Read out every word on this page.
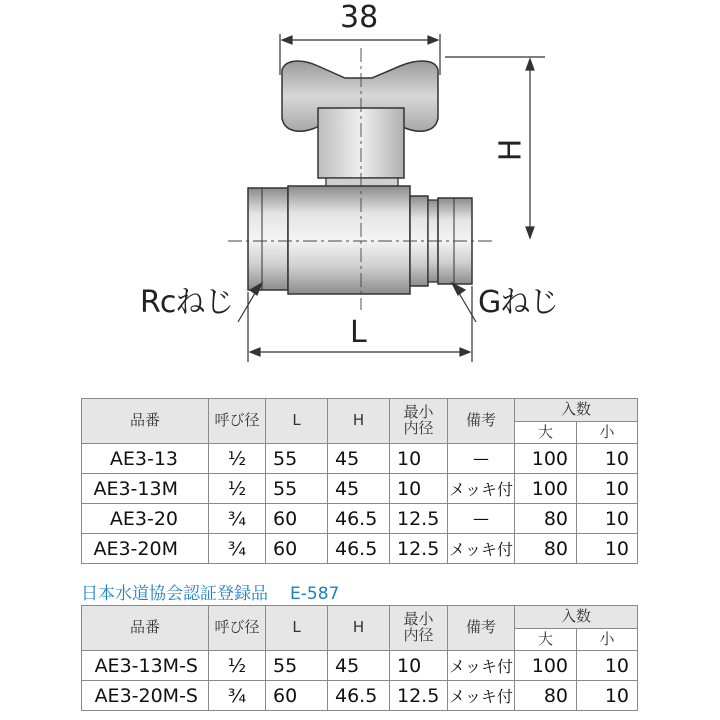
38
H
L
Rcねじ	Gねじ
品番	呼び径	L	H	最小内径	備考	入数	
						大	小
AE3-13	½	55	45	10	—	100	10
AE3-13M	½	55	45	10	メッキ付	100	10
AE3-20	¾	60	46.5	12.5	—	80	10
AE3-20M	¾	60	46.5	12.5	メッキ付	80	10
日本水道協会認証登録品 E-587
品番	呼び径	L	H	最小内径	備考	入数	
						大	小
AE3-13M-S	½	55	45	10	メッキ付	100	10
AE3-20M-S	¾	60	46.5	12.5	メッキ付	80	10
